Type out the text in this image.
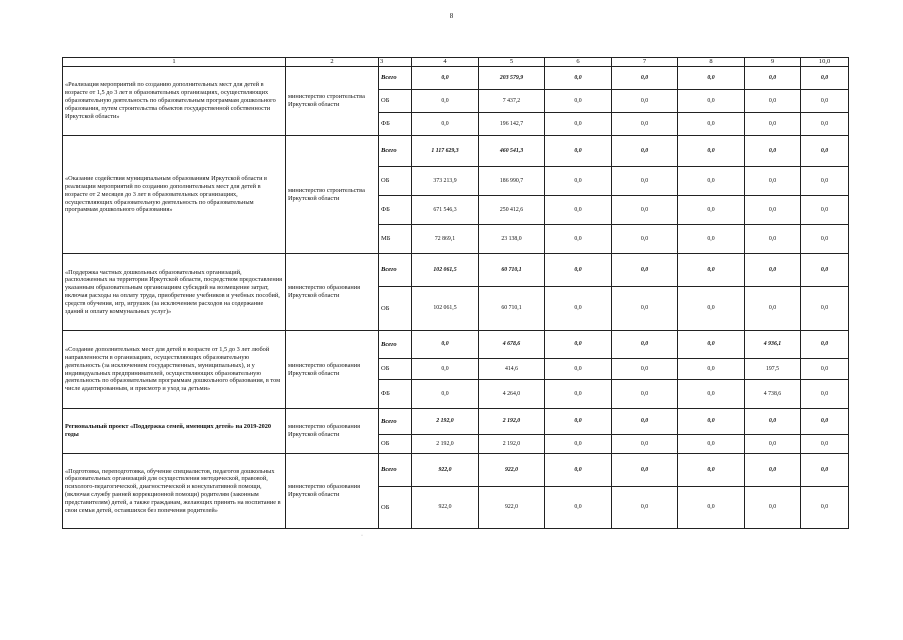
8
1	2	3	4	5	6	7	8	9	10,0
«Реализация мероприятий по созданию дополнительных мест для детей в возрасте от 1,5 до 3 лет в образовательных организациях, осуществляющих образовательную деятельность по образовательным программам дошкольного образования, путем строительства объектов государственной собственности Иркутской области»	министерство строительства Иркутской области	Всего	0,0	203 579,9	0,0	0,0	0,0	0,0	0,0
		ОБ	0,0	7 437,2	0,0	0,0	0,0	0,0	0,0
		ФБ	0,0	196 142,7	0,0	0,0	0,0	0,0	0,0
«Оказание содействия муниципальным образованиям Иркутской области в реализации мероприятий по созданию дополнительных мест для детей в возрасте от 2 месяцев до 3 лет в образовательных организациях, осуществляющих образовательную деятельность по образовательным программам дошкольного образования»	министерство строительства Иркутской области	Всего	1 117 629,3	460 541,3	0,0	0,0	0,0	0,0	0,0
		ОБ	373 213,9	186 990,7	0,0	0,0	0,0	0,0	0,0
		ФБ	671 546,3	250 412,6	0,0	0,0	0,0	0,0	0,0
		МБ	72 869,1	23 138,0	0,0	0,0	0,0	0,0	0,0
«Поддержка частных дошкольных образовательных организаций, расположенных на территории Иркутской области, посредством предоставления указанным образовательным организациям субсидий на возмещение затрат, включая расходы на оплату труда, приобретение учебников и учебных пособий, средств обучения, игр, игрушек (за исключением расходов на содержание зданий и оплату коммунальных услуг)»	министерство образования Иркутской области	Всего	102 061,5	60 710,1	0,0	0,0	0,0	0,0	0,0
		ОБ	102 061,5	60 710,1	0,0	0,0	0,0	0,0	0,0
«Создание дополнительных мест для детей в возрасте от 1,5 до 3 лет любой направленности в организациях, осуществляющих образовательную деятельность (за исключением государственных, муниципальных), и у индивидуальных предпринимателей, осуществляющих образовательную деятельность по образовательным программам дошкольного образования, в том числе адаптированным, и присмотр и уход за детьми»	министерство образования Иркутской области	Всего	0,0	4 678,6	0,0	0,0	0,0	4 936,1	0,0
		ОБ	0,0	414,6	0,0	0,0	0,0	197,5	0,0
		ФБ	0,0	4 264,0	0,0	0,0	0,0	4 738,6	0,0
Региональный проект «Поддержка семей, имеющих детей» на 2019-2020 годы	министерство образования Иркутской области	Всего	2 192,0	2 192,0	0,0	0,0	0,0	0,0	0,0
		ОБ	2 192,0	2 192,0	0,0	0,0	0,0	0,0	0,0
«Подготовка, переподготовка, обучение специалистов, педагогов дошкольных образовательных организаций для осуществления методической, правовой, психолого-педагогической, диагностической и консультативной помощи, (включая службу ранней коррекционной помощи) родителям (законным представителям) детей, а также гражданам, желающих принять на воспитание в свои семьи детей, оставшихся без попечения родителей»	министерство образования Иркутской области	Всего	922,0	922,0	0,0	0,0	0,0	0,0	0,0
		ОБ	922,0	922,0	0,0	0,0	0,0	0,0	0,0
·
